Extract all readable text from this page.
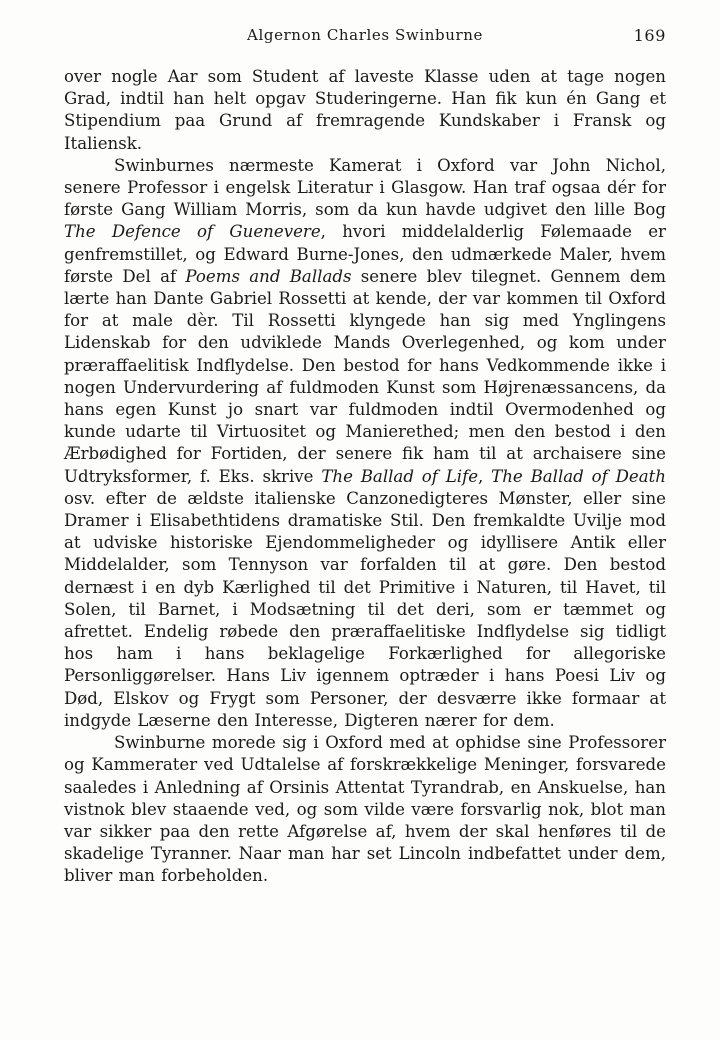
Algernon Charles Swinburne	169

over nogle Aar som Student af laveste Klasse uden at tage nogen Grad, indtil han helt opgav Studeringerne. Han fik kun én Gang et Stipendium paa Grund af fremragende Kundskaber i Fransk og Italiensk.

Swinburnes nærmeste Kamerat i Oxford var John Nichol, senere Professor i engelsk Literatur i Glasgow. Han traf ogsaa dér for første Gang William Morris, som da kun havde udgivet den lille Bog The Defence of Guenevere, hvori middelalderlig Følemaade er genfremstillet, og Edward Burne-Jones, den udmærkede Maler, hvem første Del af Poems and Ballads senere blev tilegnet. Gennem dem lærte han Dante Gabriel Rossetti at kende, der var kommen til Oxford for at male dèr. Til Rossetti klyngede han sig med Ynglingens Lidenskab for den udviklede Mands Overlegenhed, og kom under præraffaelitisk Indflydelse. Den bestod for hans Vedkommende ikke i nogen Undervurdering af fuldmoden Kunst som Højrenæssancens, da hans egen Kunst jo snart var fuldmoden indtil Overmodenhed og kunde udarte til Virtuositet og Manierethed; men den bestod i den Ærbødighed for Fortiden, der senere fik ham til at archaisere sine Udtryksformer, f. Eks. skrive The Ballad of Life, The Ballad of Death osv. efter de ældste italienske Canzonedigteres Mønster, eller sine Dramer i Elisabethtidens dramatiske Stil. Den fremkaldte Uvilje mod at udviske historiske Ejendommeligheder og idyllisere Antik eller Middelalder, som Tennyson var forfalden til at gøre. Den bestod dernæst i en dyb Kærlighed til det Primitive i Naturen, til Havet, til Solen, til Barnet, i Modsætning til det deri, som er tæmmet og afrettet. Endelig røbede den præraffaelitiske Indflydelse sig tidligt hos ham i hans beklagelige Forkærlighed for allegoriske Personliggørelser. Hans Liv igennem optræder i hans Poesi Liv og Død, Elskov og Frygt som Personer, der desværre ikke formaar at indgyde Læserne den Interesse, Digteren nærer for dem.

Swinburne morede sig i Oxford med at ophidse sine Professorer og Kammerater ved Udtalelse af forskrækkelige Meninger, forsvarede saaledes i Anledning af Orsinis Attentat Tyrandrab, en Anskuelse, han vistnok blev staaende ved, og som vilde være forsvarlig nok, blot man var sikker paa den rette Afgørelse af, hvem der skal henføres til de skadelige Tyranner. Naar man har set Lincoln indbefattet under dem, bliver man forbeholden.
